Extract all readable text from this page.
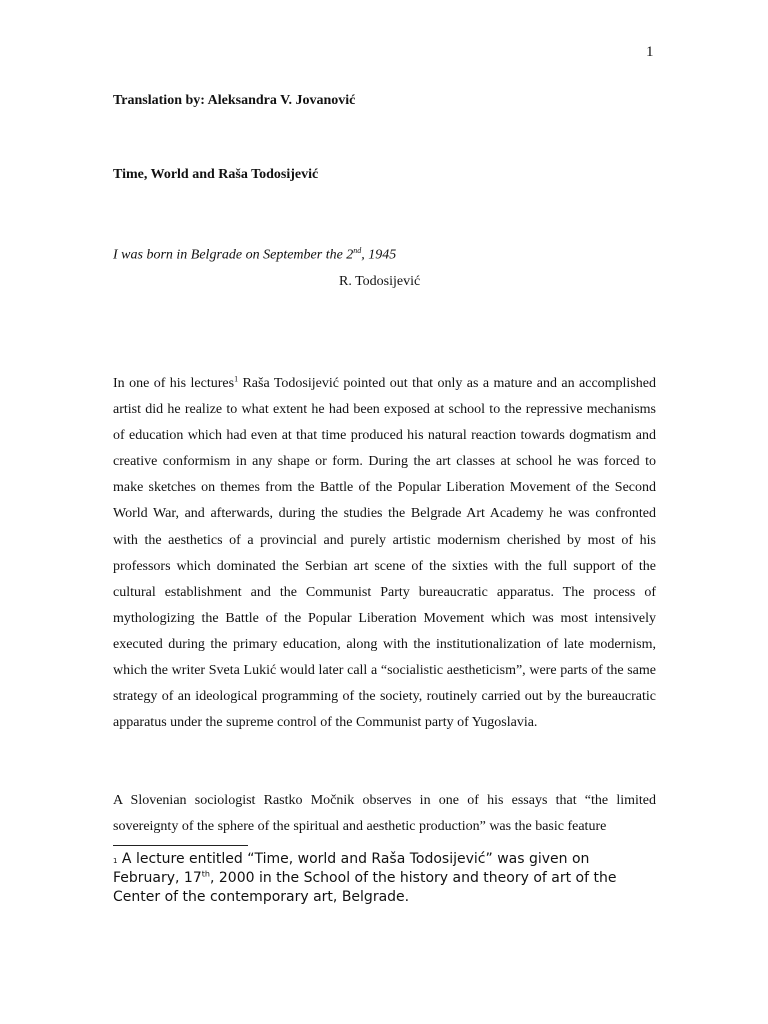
1
Translation by: Aleksandra V. Jovanović
Time, World and Raša Todosijević
I was born in Belgrade on September the 2nd, 1945
R. Todosijević

In one of his lectures$^1$ Raša Todosijević pointed out that only as a mature and an accomplished artist did he realize to what extent he had been exposed at school to the repressive mechanisms of education which had even at that time produced his natural reaction towards dogmatism and creative conformism in any shape or form. During the art classes at school he was forced to make sketches on themes from the Battle of the Popular Liberation Movement of the Second World War, and afterwards, during the studies the Belgrade Art Academy he was confronted with the aesthetics of a provincial and purely artistic modernism cherished by most of his professors which dominated the Serbian art scene of the sixties with the full support of the cultural establishment and the Communist Party bureaucratic apparatus. The process of mythologizing the Battle of the Popular Liberation Movement which was most intensively executed during the primary education, along with the institutionalization of late modernism, which the writer Sveta Lukić would later call a “socialistic aestheticism”, were parts of the same strategy of an ideological programming of the society, routinely carried out by the bureaucratic apparatus under the supreme control of the Communist party of Yugoslavia.

A Slovenian sociologist Rastko Močnik observes in one of his essays that “the limited sovereignty of the sphere of the spiritual and aesthetic production” was the basic feature

$^1$ A lecture entitled “Time, world and Raša Todosijević” was given on February, 17th, 2000 in the School of the history and theory of art of the Center of the contemporary art, Belgrade.
